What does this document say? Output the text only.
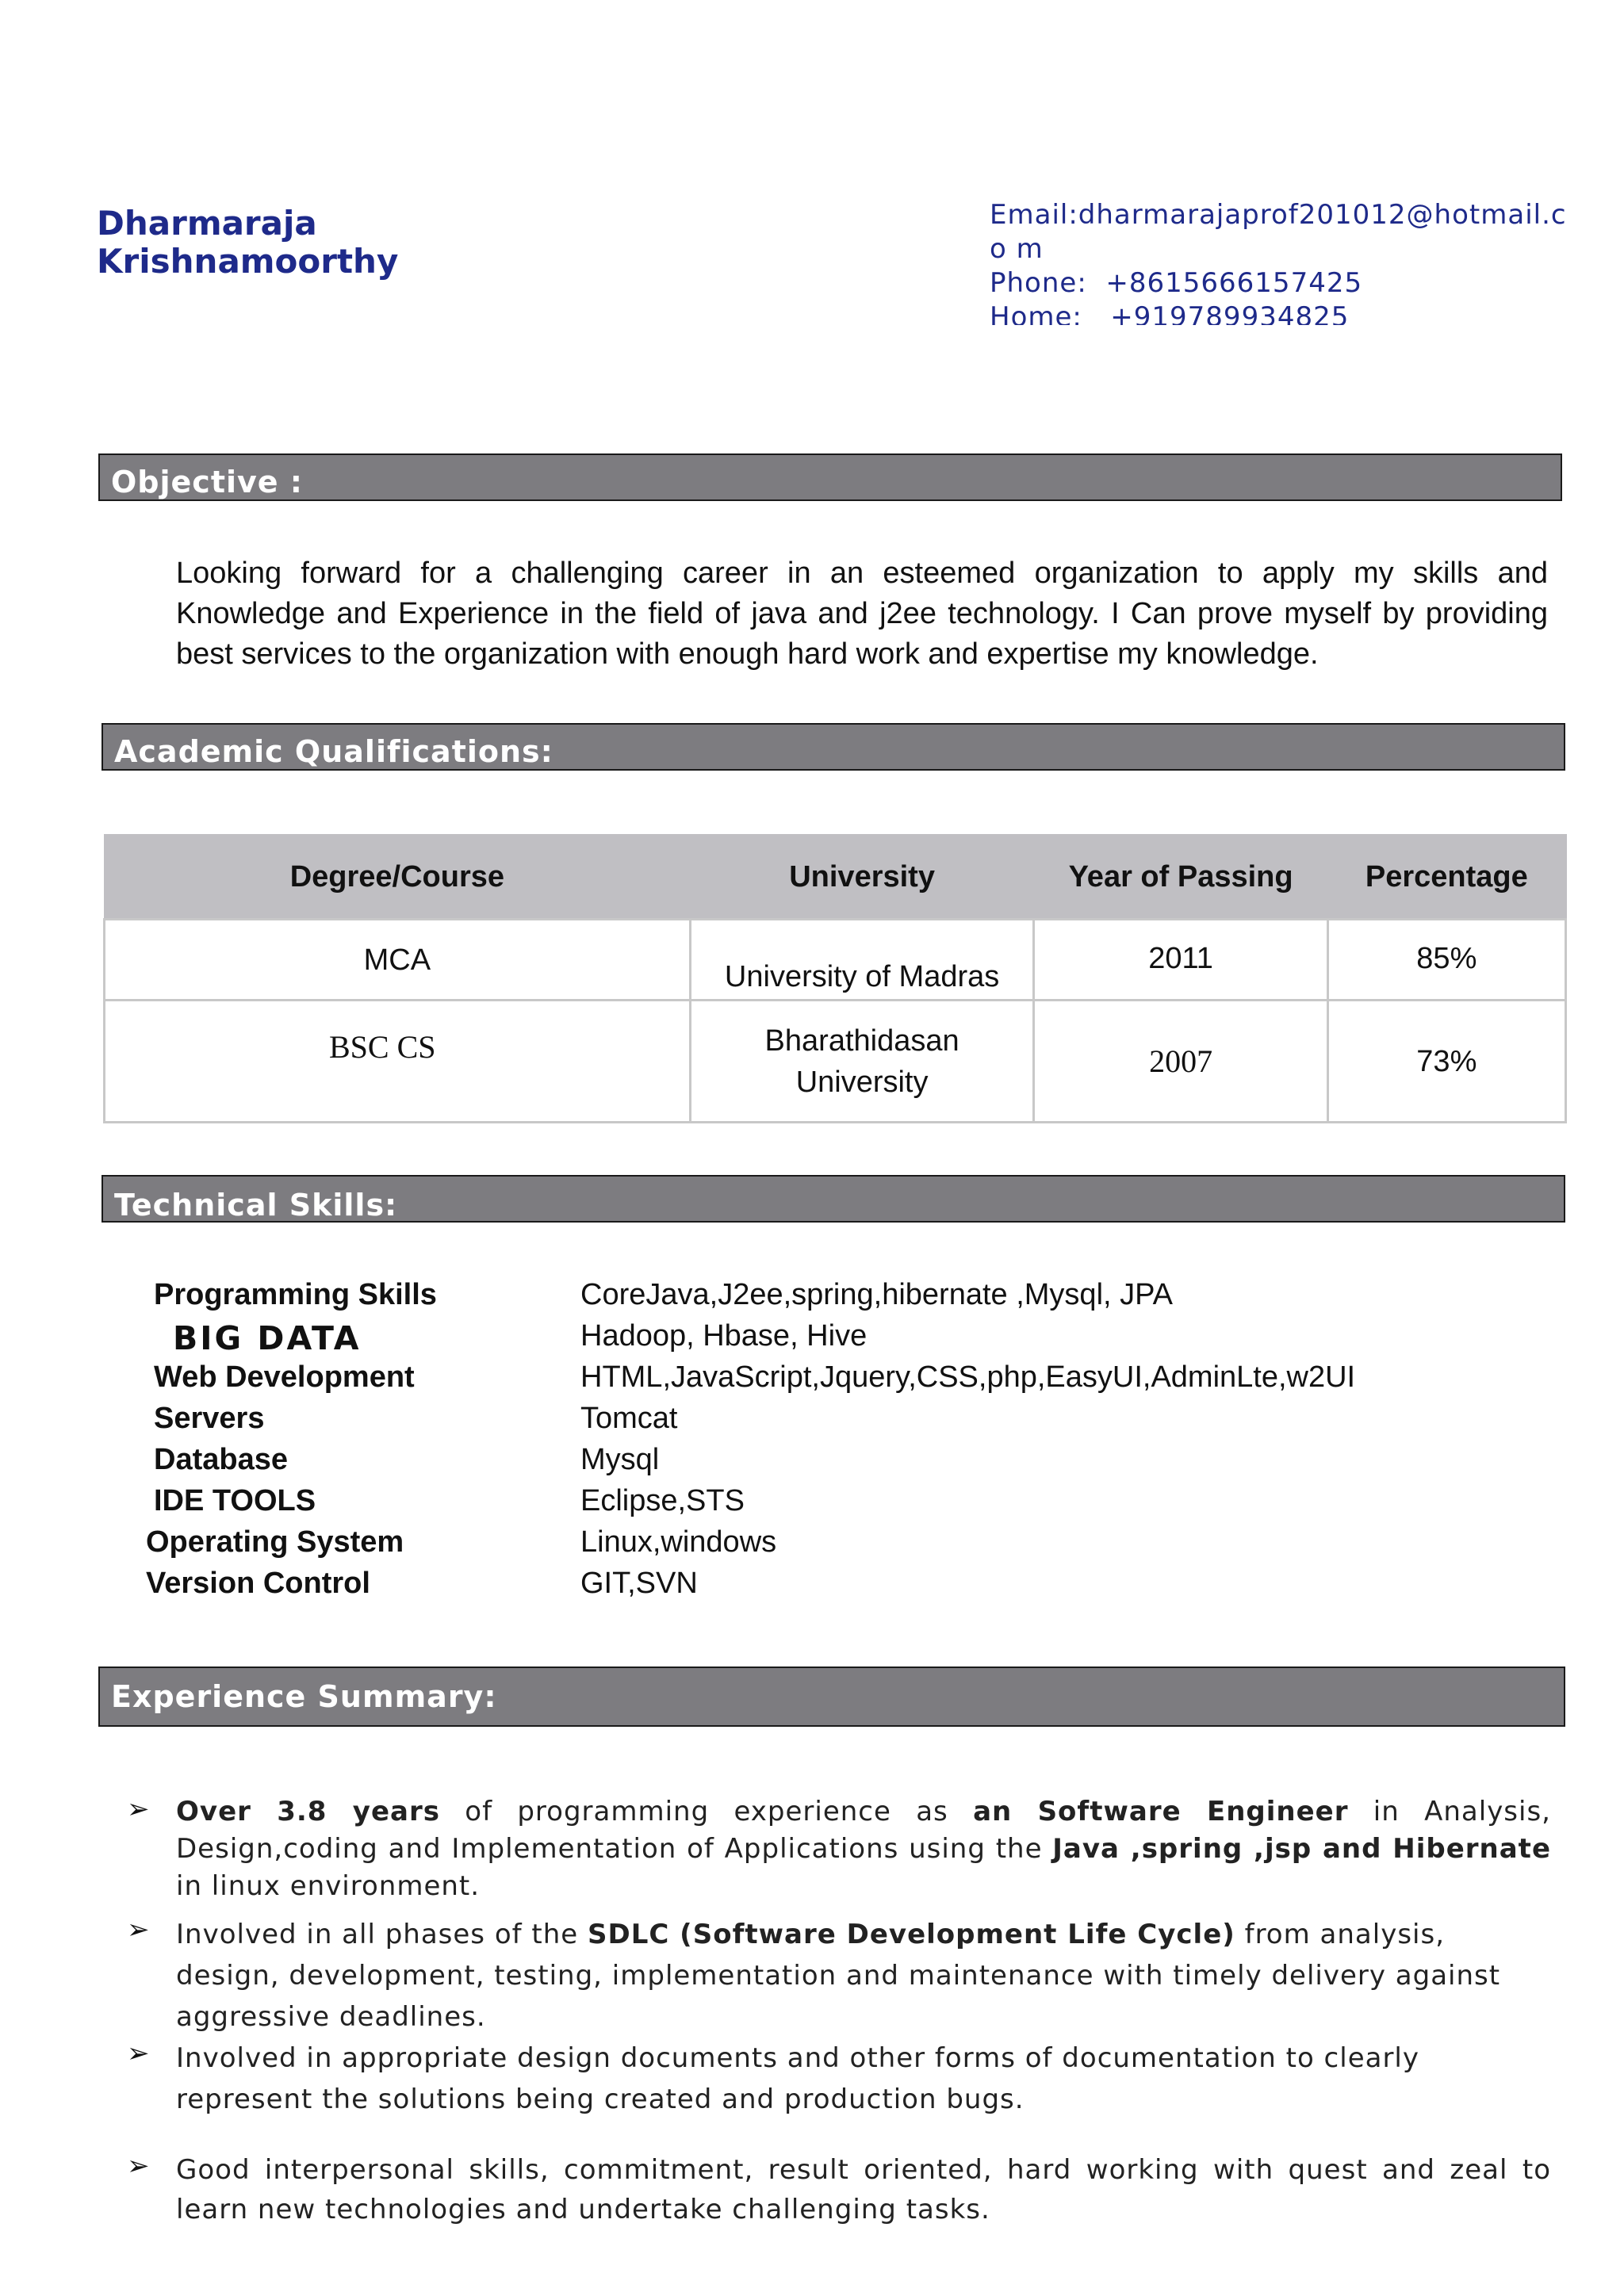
Dharmaraja
Krishnamoorthy
Email:dharmarajaprof201012@hotmail.co m
Phone:  +8615666157425
Home:   +919789934825
Objective :
Looking forward for a challenging career in an esteemed organization to apply my skills and Knowledge and Experience in the field of java and j2ee technology. I Can prove myself by providing best services to the organization with enough hard work and expertise my knowledge.
Academic Qualifications:
Degree/Course	University	Year of Passing	Percentage
MCA	University of Madras	2011	85%
BSC CS	Bharathidasan University	2007	73%
Technical Skills:
Programming Skills	CoreJava,J2ee,spring,hibernate ,Mysql, JPA
BIG DATA	Hadoop, Hbase, Hive
Web Development	HTML,JavaScript,Jquery,CSS,php,EasyUI,AdminLte,w2UI
Servers	Tomcat
Database	Mysql
IDE TOOLS	Eclipse,STS
Operating System	Linux,windows
Version Control	GIT,SVN
Experience Summary:
➢ Over 3.8 years of programming experience as an Software Engineer in Analysis, Design,coding and Implementation of Applications using the Java ,spring ,jsp and Hibernate in linux environment.
➢ Involved in all phases of the SDLC (Software Development Life Cycle) from analysis, design, development, testing, implementation and maintenance with timely delivery against aggressive deadlines.
➢ Involved in appropriate design documents and other forms of documentation to clearly represent the solutions being created and production bugs.
➢ Good interpersonal skills, commitment, result oriented, hard working with quest and zeal to learn new technologies and undertake challenging tasks.
